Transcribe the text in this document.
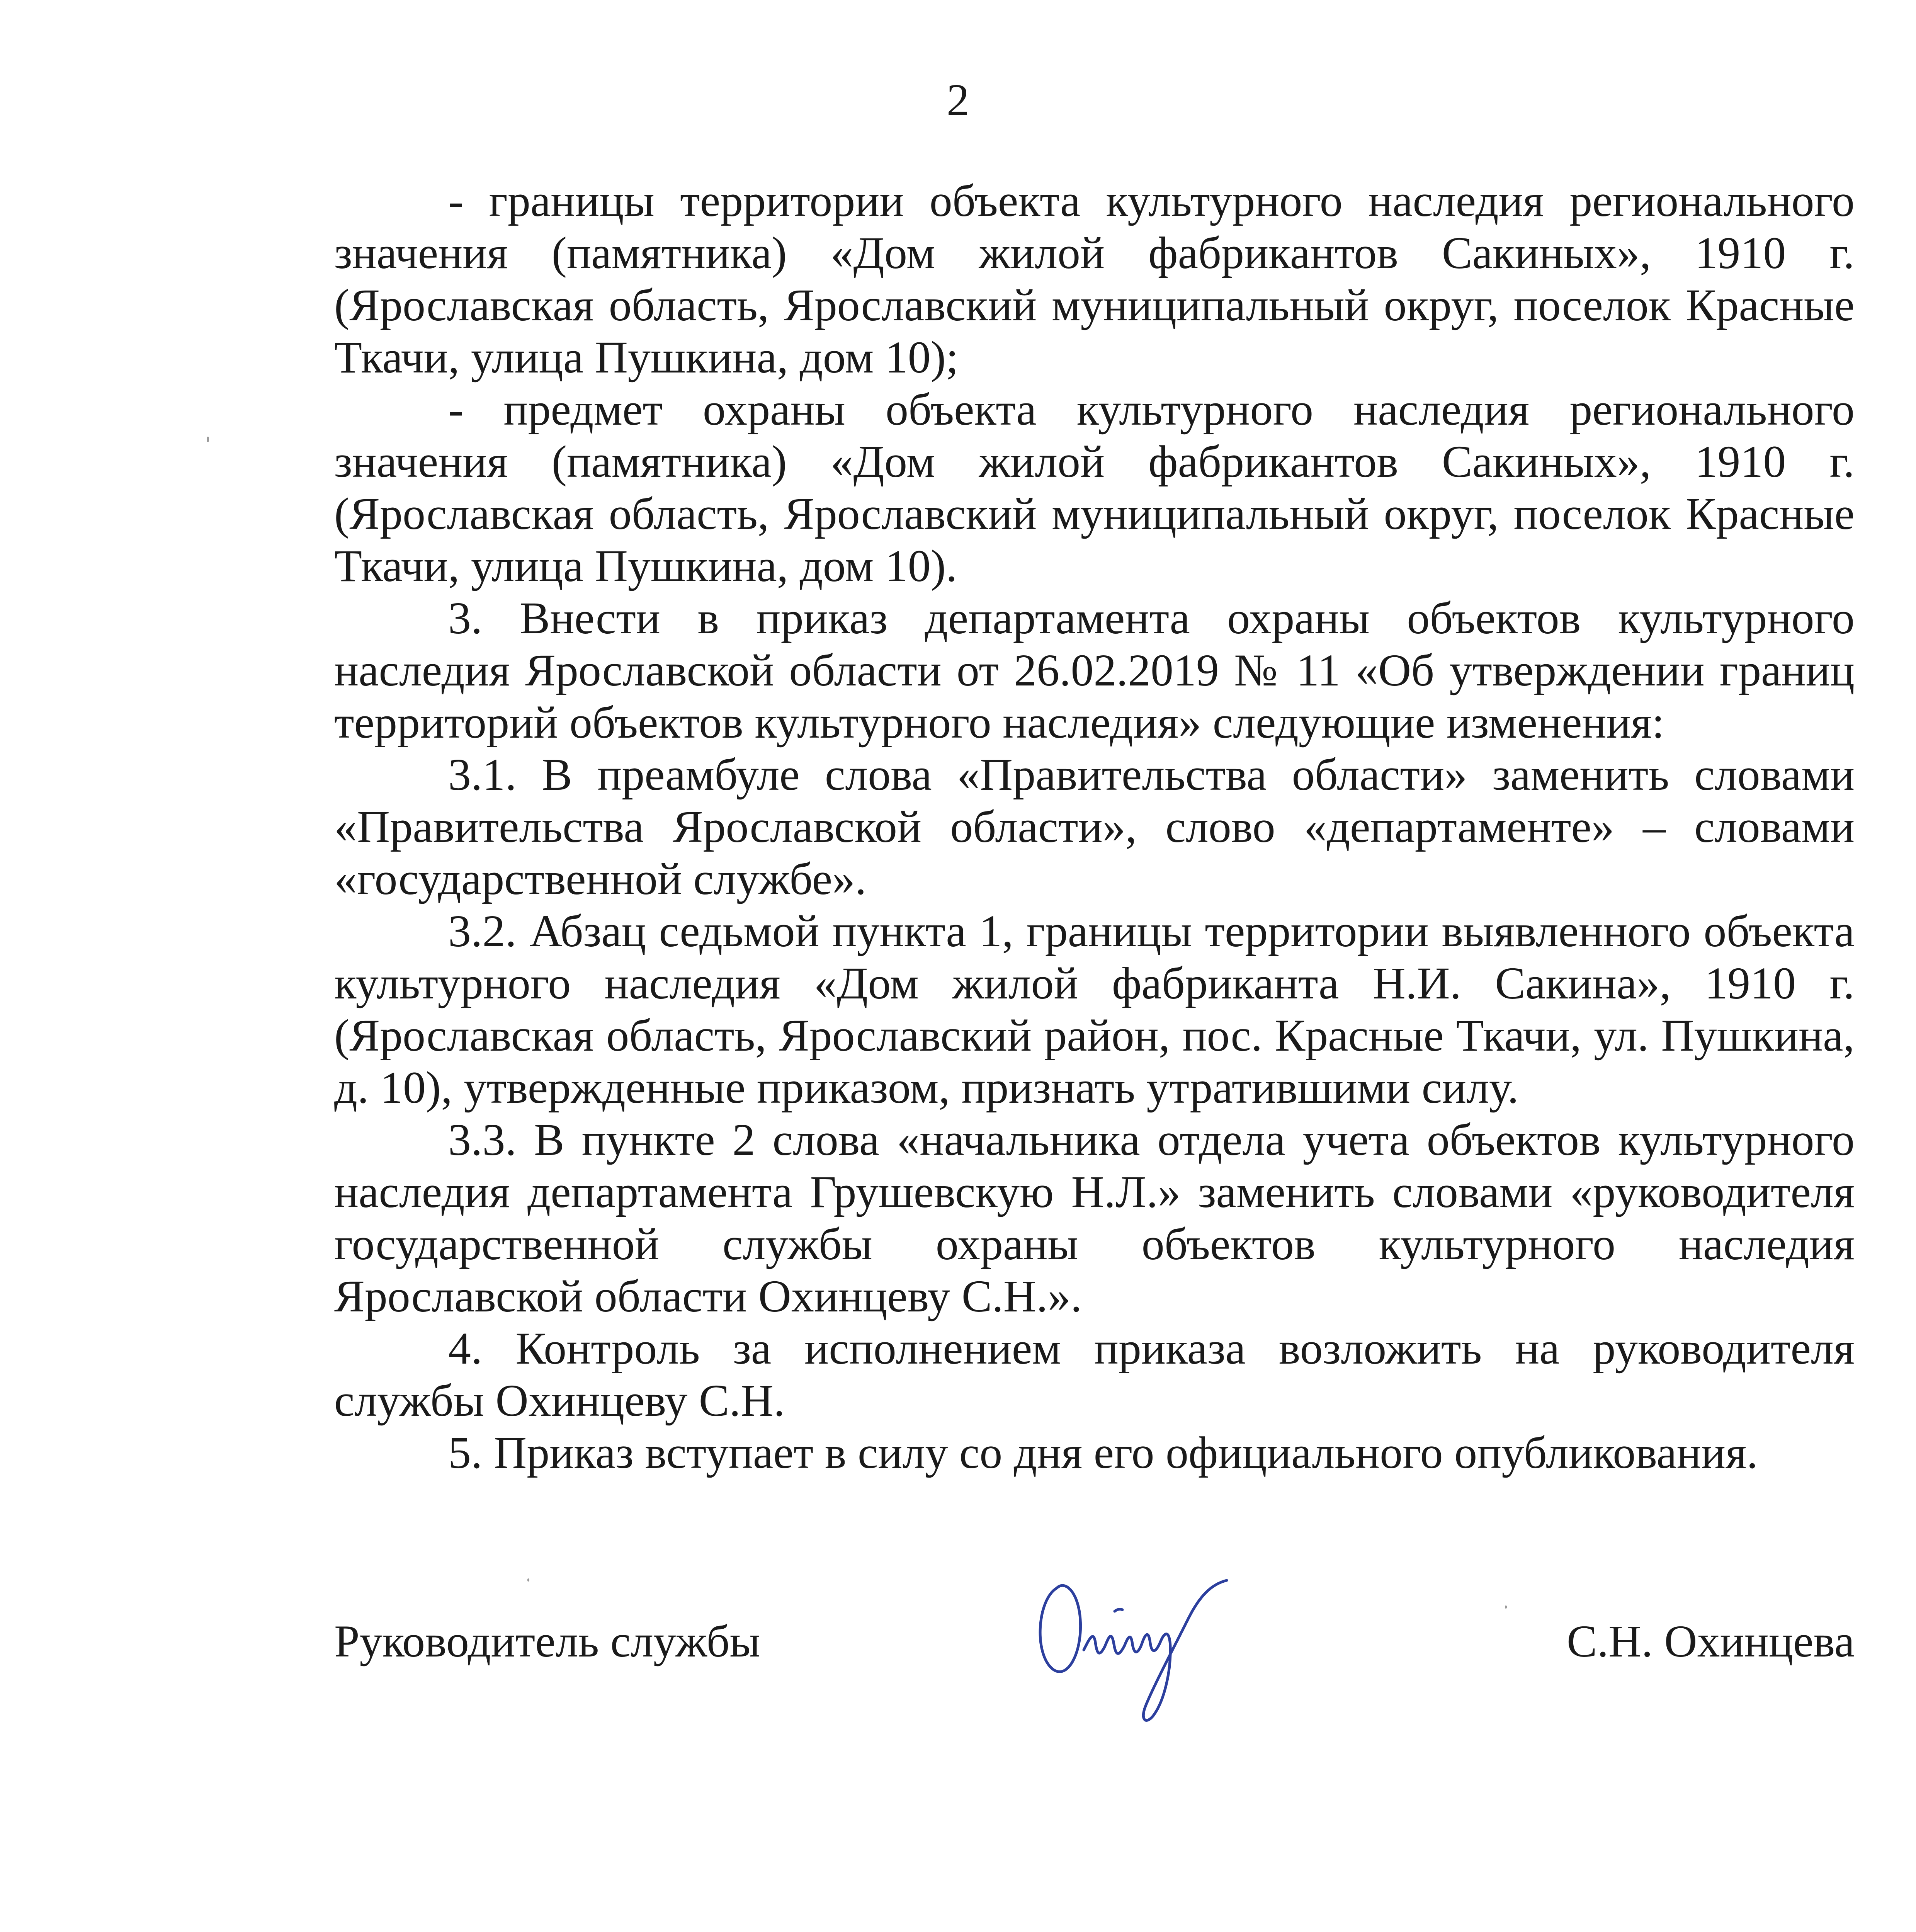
2

- границы территории объекта культурного наследия регионального значения (памятника) «Дом жилой фабрикантов Сакиных», 1910 г. (Ярославская область, Ярославский муниципальный округ, поселок Красные Ткачи, улица Пушкина, дом 10);

- предмет охраны объекта культурного наследия регионального значения (памятника) «Дом жилой фабрикантов Сакиных», 1910 г. (Ярославская область, Ярославский муниципальный округ, поселок Красные Ткачи, улица Пушкина, дом 10).

3. Внести в приказ департамента охраны объектов культурного наследия Ярославской области от 26.02.2019 № 11 «Об утверждении границ территорий объектов культурного наследия» следующие изменения:

3.1. В преамбуле слова «Правительства области» заменить словами «Правительства Ярославской области», слово «департаменте» – словами «государственной службе».

3.2. Абзац седьмой пункта 1, границы территории выявленного объекта культурного наследия «Дом жилой фабриканта Н.И. Сакина», 1910 г. (Ярославская область, Ярославский район, пос. Красные Ткачи, ул. Пушкина, д. 10), утвержденные приказом, признать утратившими силу.

3.3. В пункте 2 слова «начальника отдела учета объектов культурного наследия департамента Грушевскую Н.Л.» заменить словами «руководителя государственной службы охраны объектов культурного наследия Ярославской области Охинцеву С.Н.».

4. Контроль за исполнением приказа возложить на руководителя службы Охинцеву С.Н.

5. Приказ вступает в силу со дня его официального опубликования.

Руководитель службы	С.Н. Охинцева
